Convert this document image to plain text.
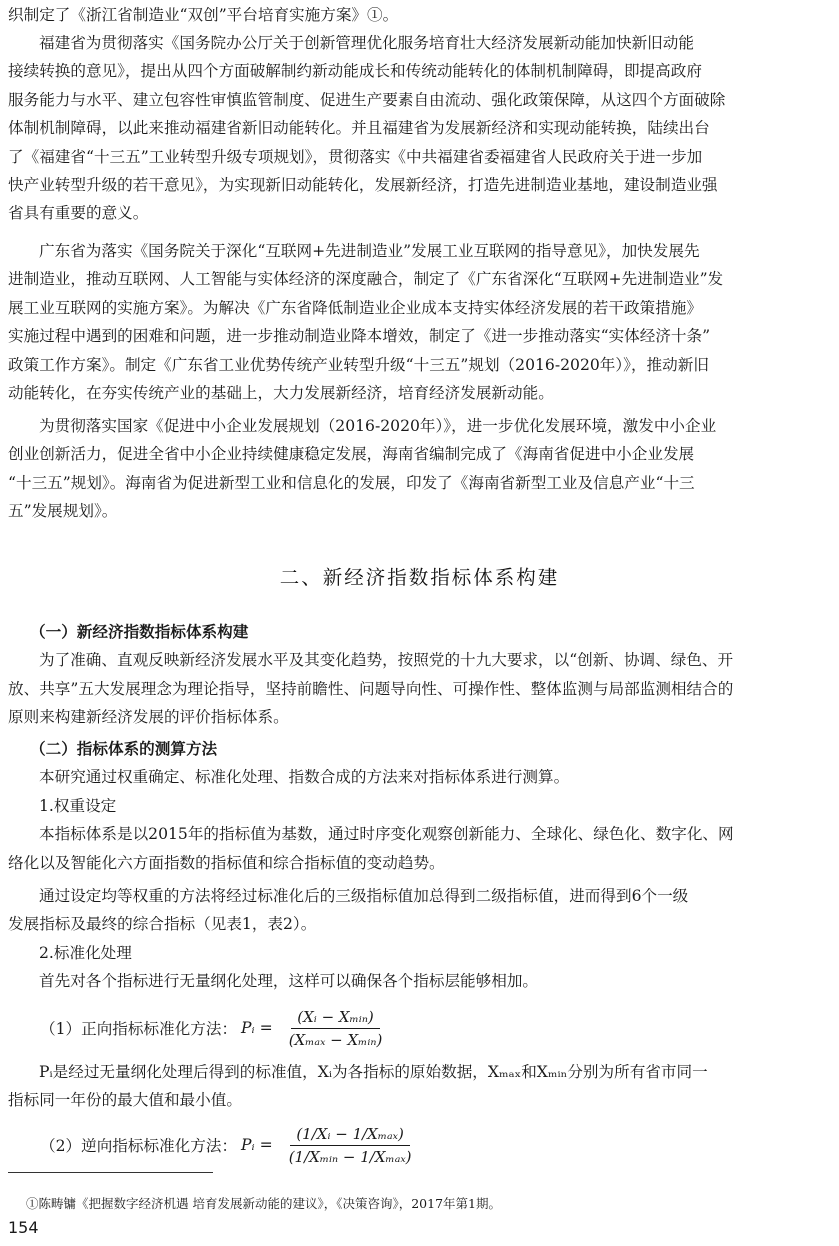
织制定了《浙江省制造业“双创”平台培育实施方案》①。
福建省为贯彻落实《国务院办公厅关于创新管理优化服务培育壮大经济发展新动能加快新旧动能
接续转换的意见》，提出从四个方面破解制约新动能成长和传统动能转化的体制机制障碍，即提高政府
服务能力与水平、建立包容性审慎监管制度、促进生产要素自由流动、强化政策保障，从这四个方面破除
体制机制障碍，以此来推动福建省新旧动能转化。并且福建省为发展新经济和实现动能转换，陆续出台
了《福建省“十三五”工业转型升级专项规划》，贯彻落实《中共福建省委福建省人民政府关于进一步加
快产业转型升级的若干意见》，为实现新旧动能转化，发展新经济，打造先进制造业基地，建设制造业强
省具有重要的意义。
广东省为落实《国务院关于深化“互联网+先进制造业”发展工业互联网的指导意见》，加快发展先
进制造业，推动互联网、人工智能与实体经济的深度融合，制定了《广东省深化“互联网+先进制造业”发
展工业互联网的实施方案》。为解决《广东省降低制造业企业成本支持实体经济发展的若干政策措施》
实施过程中遇到的困难和问题，进一步推动制造业降本增效，制定了《进一步推动落实“实体经济十条”
政策工作方案》。制定《广东省工业优势传统产业转型升级“十三五”规划（2016-2020年）》，推动新旧
动能转化，在夯实传统产业的基础上，大力发展新经济，培育经济发展新动能。
为贯彻落实国家《促进中小企业发展规划（2016-2020年）》，进一步优化发展环境，激发中小企业
创业创新活力，促进全省中小企业持续健康稳定发展，海南省编制完成了《海南省促进中小企业发展
“十三五”规划》。海南省为促进新型工业和信息化的发展，印发了《海南省新型工业及信息产业“十三
五”发展规划》。
二、新经济指数指标体系构建
（一）新经济指数指标体系构建
为了准确、直观反映新经济发展水平及其变化趋势，按照党的十九大要求，以“创新、协调、绿色、开
放、共享”五大发展理念为理论指导，坚持前瞻性、问题导向性、可操作性、整体监测与局部监测相结合的
原则来构建新经济发展的评价指标体系。
（二）指标体系的测算方法
本研究通过权重确定、标准化处理、指数合成的方法来对指标体系进行测算。
1.权重设定
本指标体系是以2015年的指标值为基数，通过时序变化观察创新能力、全球化、绿色化、数字化、网
络化以及智能化六方面指数的指标值和综合指标值的变动趋势。
通过设定均等权重的方法将经过标准化后的三级指标值加总得到二级指标值，进而得到6个一级
发展指标及最终的综合指标（见表1，表2）。
2.标准化处理
首先对各个指标进行无量纲化处理，这样可以确保各个指标层能够相加。
（1）正向指标标准化方法： Pᵢ = $\frac{\text{(Xᵢ − Xₘᵢₙ)}}{\text{(Xₘₐₓ − Xₘᵢₙ)}}$
Pᵢ是经过无量纲化处理后得到的标准值，Xᵢ为各指标的原始数据，Xₘₐₓ和Xₘᵢₙ分别为所有省市同一
指标同一年份的最大值和最小值。
（2）逆向指标标准化方法： Pᵢ = $\frac{\text{(1/Xᵢ − 1/Xₘₐₓ)}}{\text{(1/Xₘᵢₙ − 1/Xₘₐₓ)}}$
①陈畴镛《把握数字经济机遇 培育发展新动能的建议》，《决策咨询》，2017年第1期。
154
